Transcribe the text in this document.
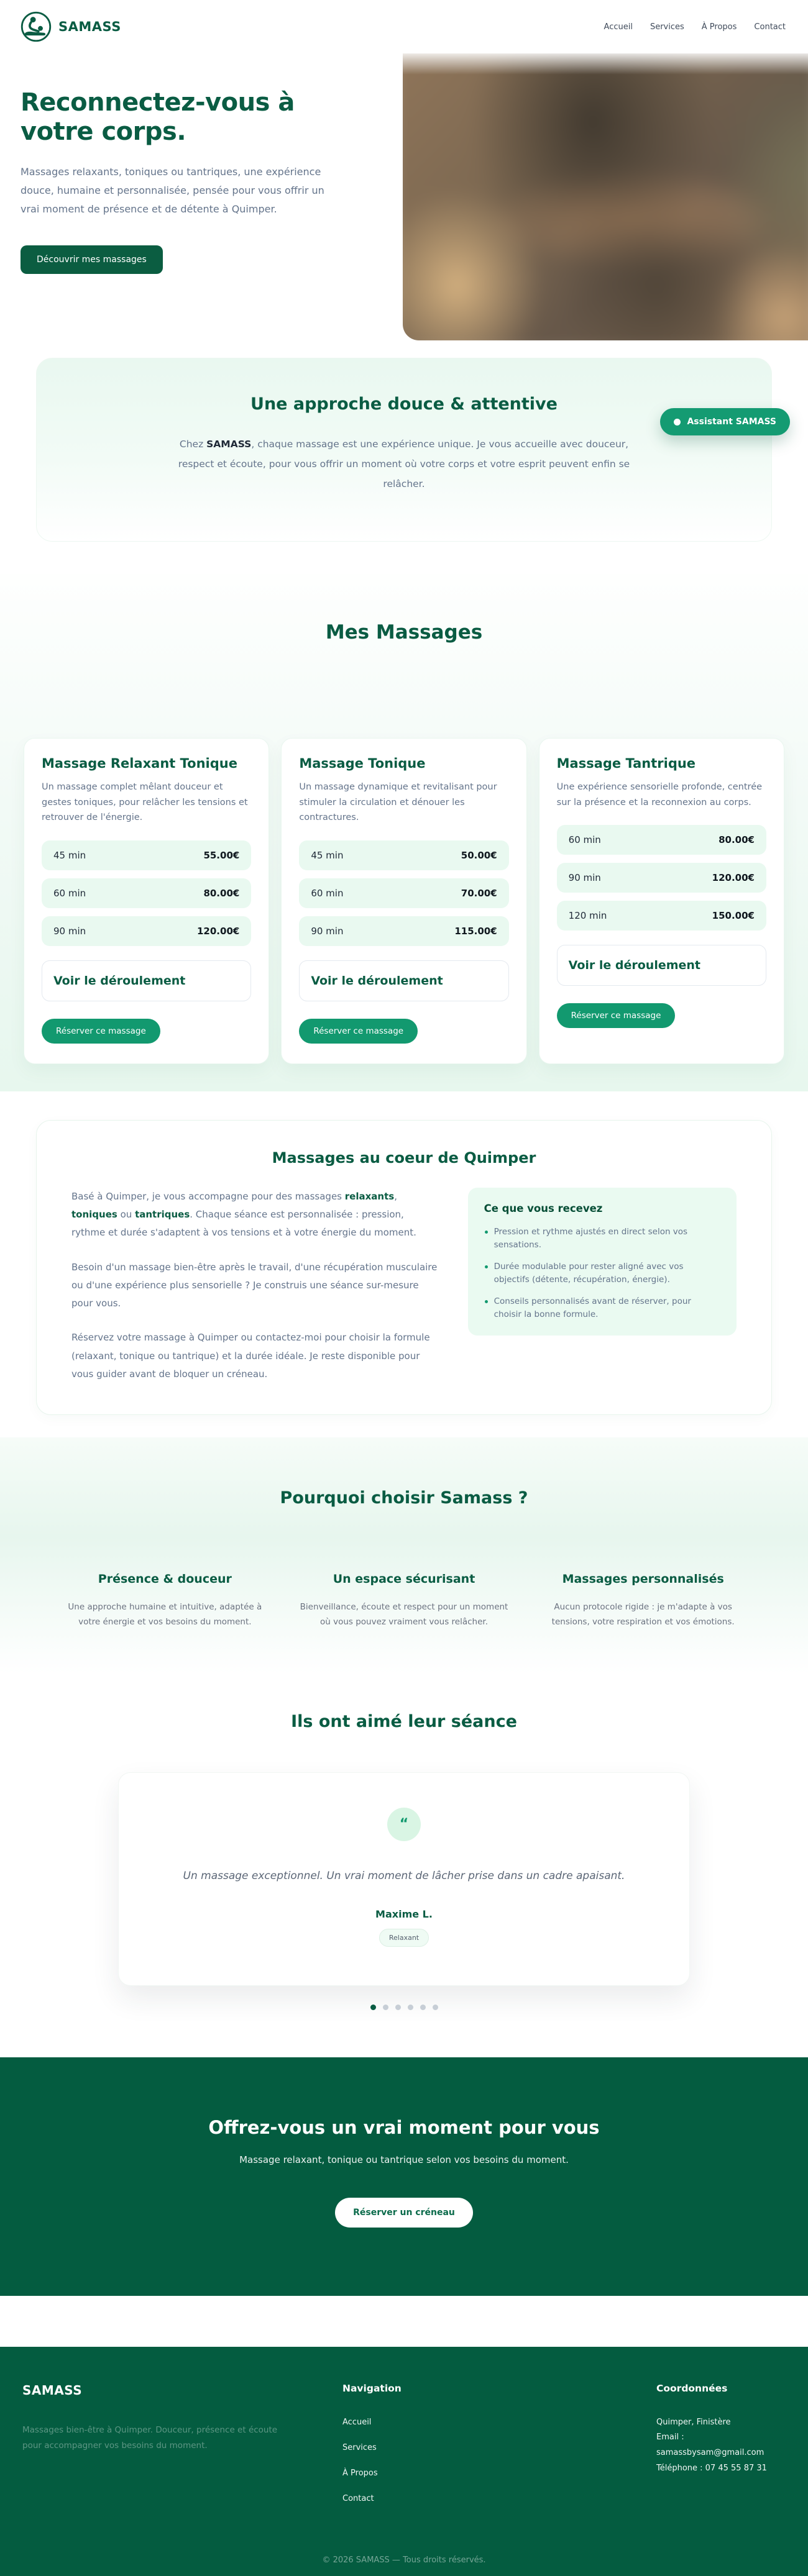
SAMASS	Accueil Services À Propos Contact
Reconnectez-vous à
votre corps.

Massages relaxants, toniques ou tantriques, une expérience douce, humaine et personnalisée, pensée pour vous offrir un vrai moment de présence et de détente à Quimper.

Découvrir mes massages
Une approche douce & attentive

Chez SAMASS, chaque massage est une expérience unique. Je vous accueille avec douceur, respect et écoute, pour vous offrir un moment où votre corps et votre esprit peuvent enfin se relâcher.

Assistant SAMASS
Mes Massages
Massage Relaxant Tonique

Un massage complet mêlant douceur et gestes toniques, pour relâcher les tensions et retrouver de l'énergie.

45 min	55.00€
60 min	80.00€
90 min	120.00€
Voir le déroulement Réserver ce massage
Massage Tonique

Un massage dynamique et revitalisant pour stimuler la circulation et dénouer les contractures.

45 min	50.00€
60 min	70.00€
90 min	115.00€
Voir le déroulement Réserver ce massage
Massage Tantrique

Une expérience sensorielle profonde, centrée sur la présence et la reconnexion au corps.

60 min	80.00€
90 min	120.00€
120 min	150.00€
Voir le déroulement Réserver ce massage
Massages au coeur de Quimper

Basé à Quimper, je vous accompagne pour des massages relaxants, toniques ou tantriques. Chaque séance est personnalisée : pression, rythme et durée s'adaptent à vos tensions et à votre énergie du moment.

Besoin d'un massage bien-être après le travail, d'une récupération musculaire ou d'une expérience plus sensorielle ? Je construis une séance sur-mesure pour vous.

Réservez votre massage à Quimper ou contactez-moi pour choisir la formule (relaxant, tonique ou tantrique) et la durée idéale. Je reste disponible pour vous guider avant de bloquer un créneau.

Ce que vous recevez
Pression et rythme ajustés en direct selon vos sensations.
Durée modulable pour rester aligné avec vos objectifs (détente, récupération, énergie).
Conseils personnalisés avant de réserver, pour choisir la bonne formule.
Pourquoi choisir Samass ?
Présence & douceur

Une approche humaine et intuitive, adaptée à votre énergie et vos besoins du moment.

Un espace sécurisant

Bienveillance, écoute et respect pour un moment où vous pouvez vraiment vous relâcher.

Massages personnalisés

Aucun protocole rigide : je m'adapte à vos tensions, votre respiration et vos émotions.

Ils ont aimé leur séance
“

Un massage exceptionnel. Un vrai moment de lâcher prise dans un cadre apaisant.

Maxime L.
Relaxant
Offrez-vous un vrai moment pour vous

Massage relaxant, tonique ou tantrique selon vos besoins du moment.

Réserver un créneau
SAMASS

Massages bien-être à Quimper. Douceur, présence et écoute pour accompagner vos besoins du moment.

Navigation
Accueil
Services
À Propos
Contact
Coordonnées
Quimper, Finistère
Email : samassbysam@gmail.com
Téléphone : 07 45 55 87 31
© 2026 SAMASS — Tous droits réservés.
